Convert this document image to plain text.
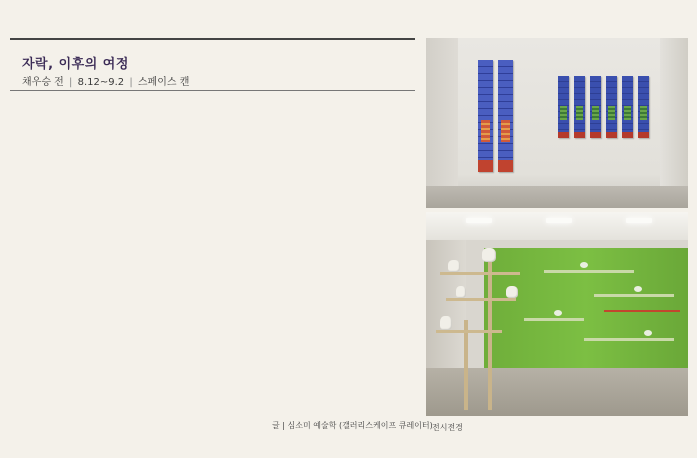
자락, 이후의 여정
채우승 전 | 8.12~9.2 | 스페이스 캔
글 | 심소미 예술학 (갤러리스케이프 큐레이터) 전시전경
